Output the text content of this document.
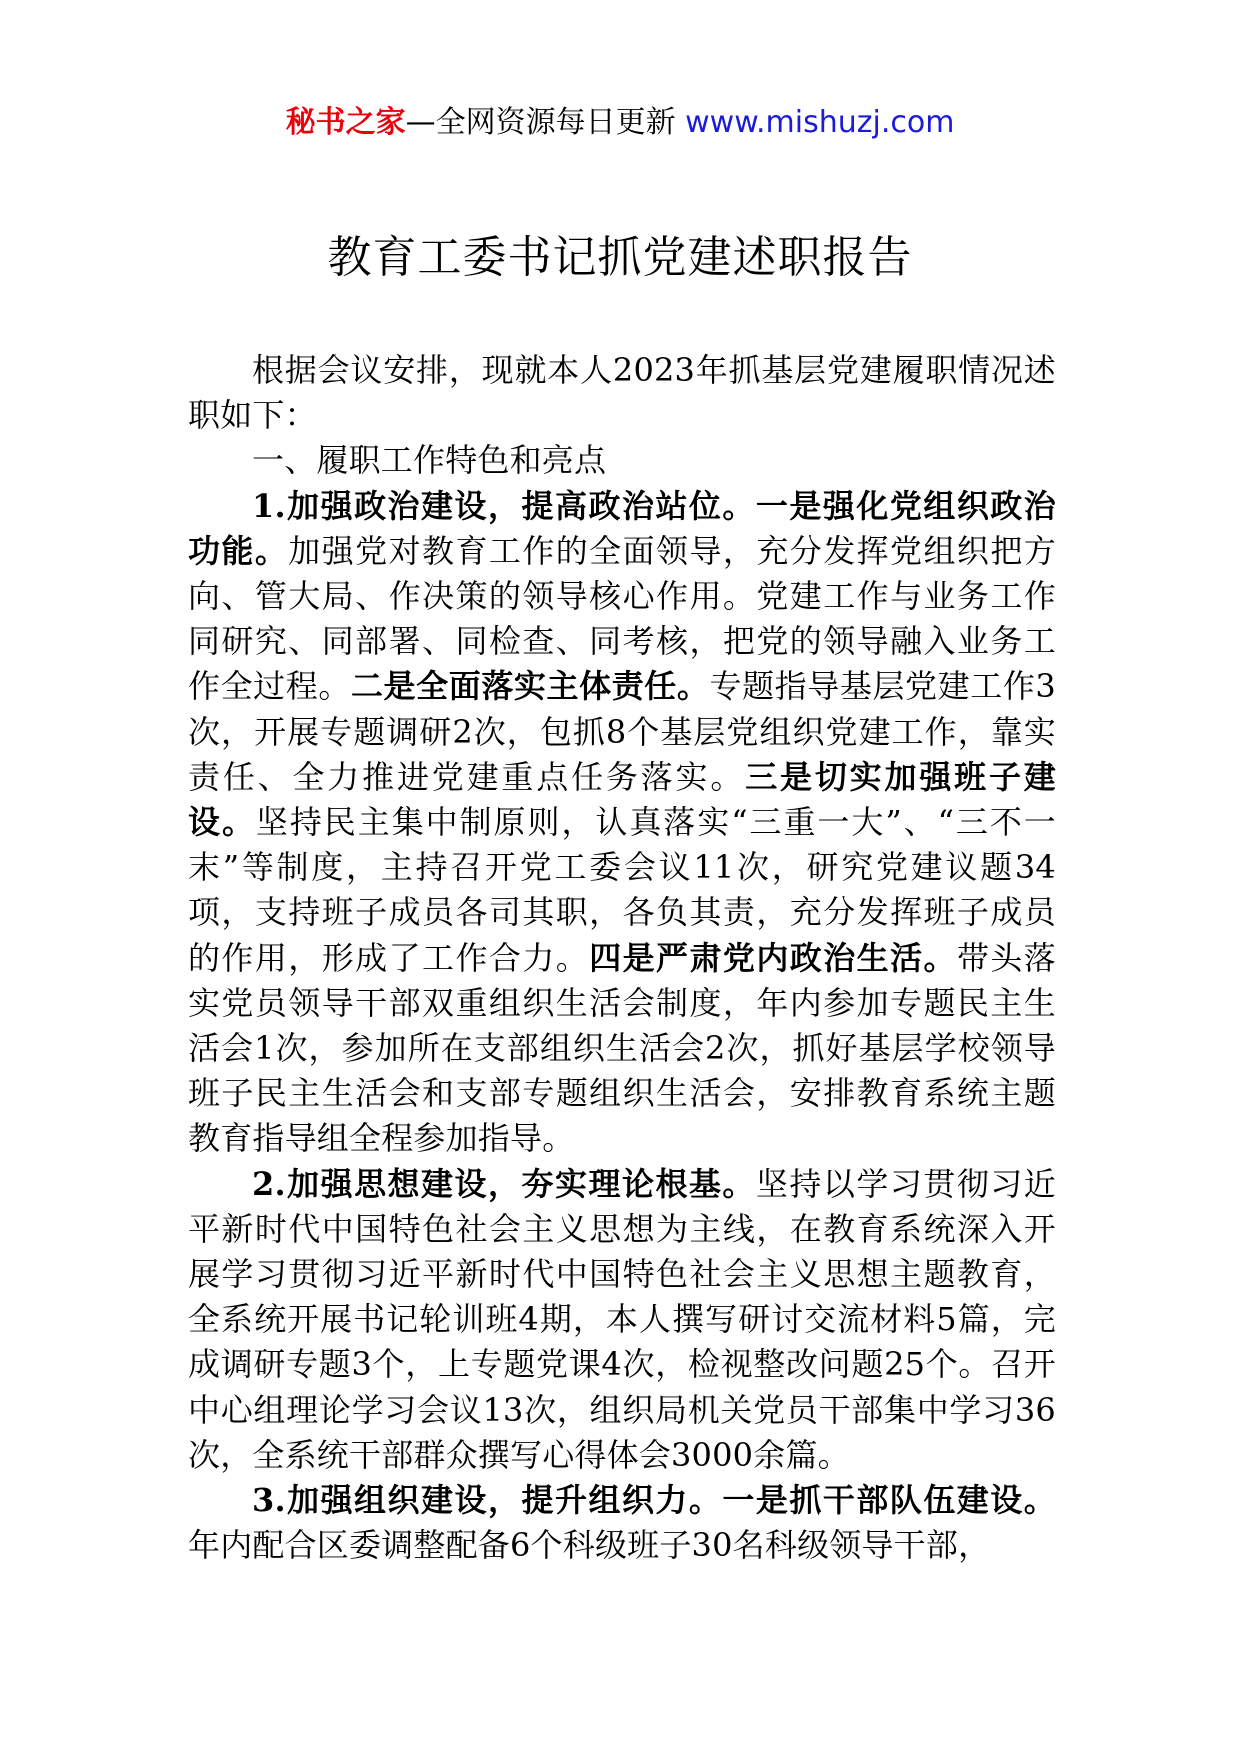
秘书之家—全网资源每日更新 www.mishuzj.com
教育工委书记抓党建述职报告

根据会议安排，现就本人2023年抓基层党建履职情况述职如下：

一、履职工作特色和亮点

1.加强政治建设，提高政治站位。一是强化党组织政治功能。加强党对教育工作的全面领导，充分发挥党组织把方向、管大局、作决策的领导核心作用。党建工作与业务工作同研究、同部署、同检查、同考核，把党的领导融入业务工作全过程。二是全面落实主体责任。专题指导基层党建工作3次，开展专题调研2次，包抓8个基层党组织党建工作，靠实责任、全力推进党建重点任务落实。三是切实加强班子建设。坚持民主集中制原则，认真落实“三重一大”、“三不一末”等制度，主持召开党工委会议11次，研究党建议题34项，支持班子成员各司其职，各负其责，充分发挥班子成员的作用，形成了工作合力。四是严肃党内政治生活。带头落实党员领导干部双重组织生活会制度，年内参加专题民主生活会1次，参加所在支部组织生活会2次，抓好基层学校领导班子民主生活会和支部专题组织生活会，安排教育系统主题教育指导组全程参加指导。

2.加强思想建设，夯实理论根基。坚持以学习贯彻习近平新时代中国特色社会主义思想为主线，在教育系统深入开展学习贯彻习近平新时代中国特色社会主义思想主题教育，全系统开展书记轮训班4期，本人撰写研讨交流材料5篇，完成调研专题3个，上专题党课4次，检视整改问题25个。召开中心组理论学习会议13次，组织局机关党员干部集中学习36次，全系统干部群众撰写心得体会3000余篇。

3.加强组织建设，提升组织力。一是抓干部队伍建设。年内配合区委调整配备6个科级班子30名科级领导干部，
